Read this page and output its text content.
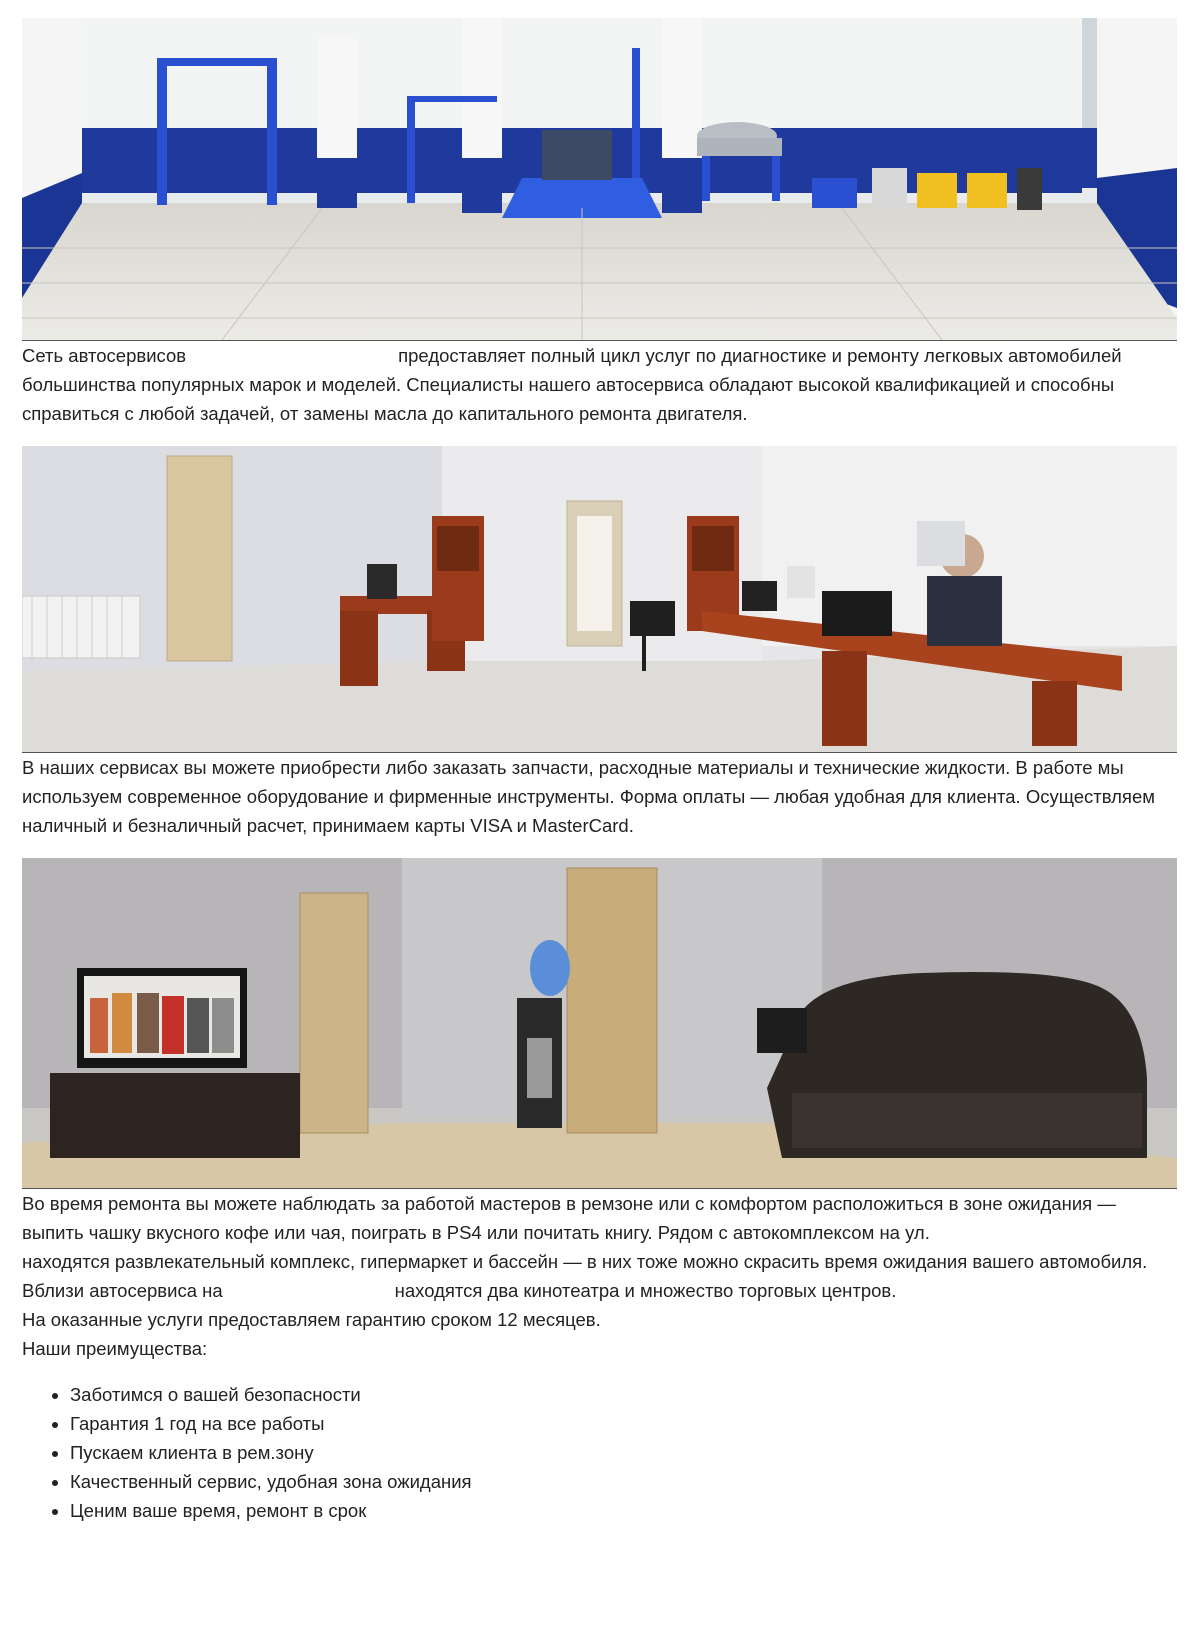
Сеть автосервисов	предоставляет полный цикл услуг по диагностике и ремонту легковых автомобилей большинства популярных марок и моделей. Специалисты нашего автосервиса обладают высокой квалификацией и способны справиться с любой задачей, от замены масла до капитального ремонта двигателя.

В наших сервисах вы можете приобрести либо заказать запчасти, расходные материалы и технические жидкости. В работе мы используем современное оборудование и фирменные инструменты. Форма оплаты — любая удобная для клиента. Осуществляем наличный и безналичный расчет, принимаем карты VISA и MasterCard.

Во время ремонта вы можете наблюдать за работой мастеров в ремзоне или с комфортом расположиться в зоне ожидания — выпить чашку вкусного кофе или чая, поиграть в PS4 или почитать книгу. Рядом с автокомплексом на ул.
находятся развлекательный комплекс, гипермаркет и бассейн — в них тоже можно скрасить время ожидания вашего автомобиля. Вблизи автосервиса на	находятся два кинотеатра и множество торговых центров.

На оказанные услуги предоставляем гарантию сроком 12 месяцев.

Наши преимущества:

• Заботимся о вашей безопасности
• Гарантия 1 год на все работы
• Пускаем клиента в рем.зону
• Качественный сервис, удобная зона ожидания
• Ценим ваше время, ремонт в срок
